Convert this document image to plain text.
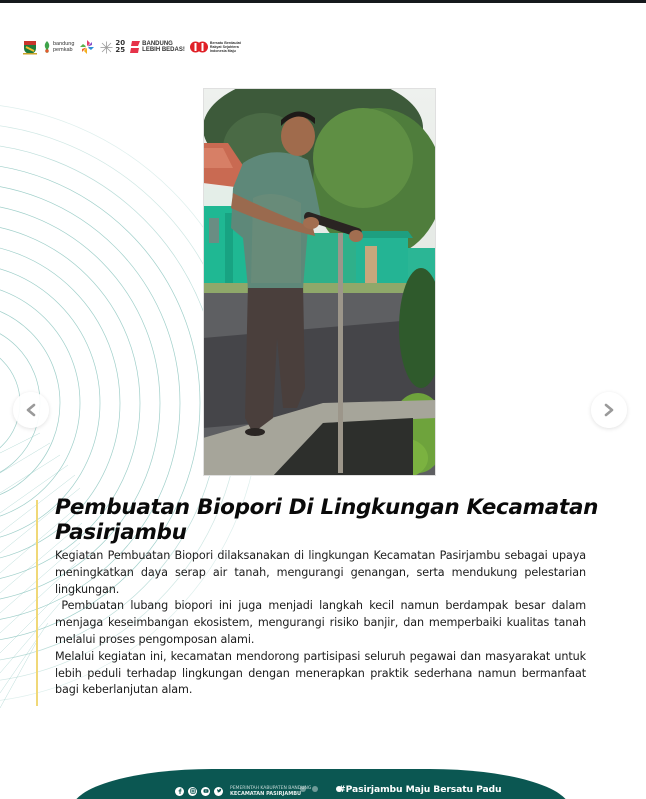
bandung
pemkab
20
25
BANDUNG
LEBIH BEDAS!
Bersatu Berdaulat
Rakyat Sejahtera
Indonesia Maju
Pembuatan Biopori Di Lingkungan Kecamatan Pasirjambu

Kegiatan Pembuatan Biopori dilaksanakan di lingkungan Kecamatan Pasirjambu sebagai upaya meningkatkan daya serap air tanah, mengurangi genangan, serta mendukung pelestarian lingkungan.

Pembuatan lubang biopori ini juga menjadi langkah kecil namun berdampak besar dalam menjaga keseimbangan ekosistem, mengurangi risiko banjir, dan memperbaiki kualitas tanah melalui proses pengomposan alami.

Melalui kegiatan ini, kecamatan mendorong partisipasi seluruh pegawai dan masyarakat untuk lebih peduli terhadap lingkungan dengan menerapkan praktik sederhana namun bermanfaat bagi keberlanjutan alam.

PEMERINTAH KABUPATEN BANDUNG
KECAMATAN PASIRJAMBU	#Pasirjambu Maju Bersatu Padu
